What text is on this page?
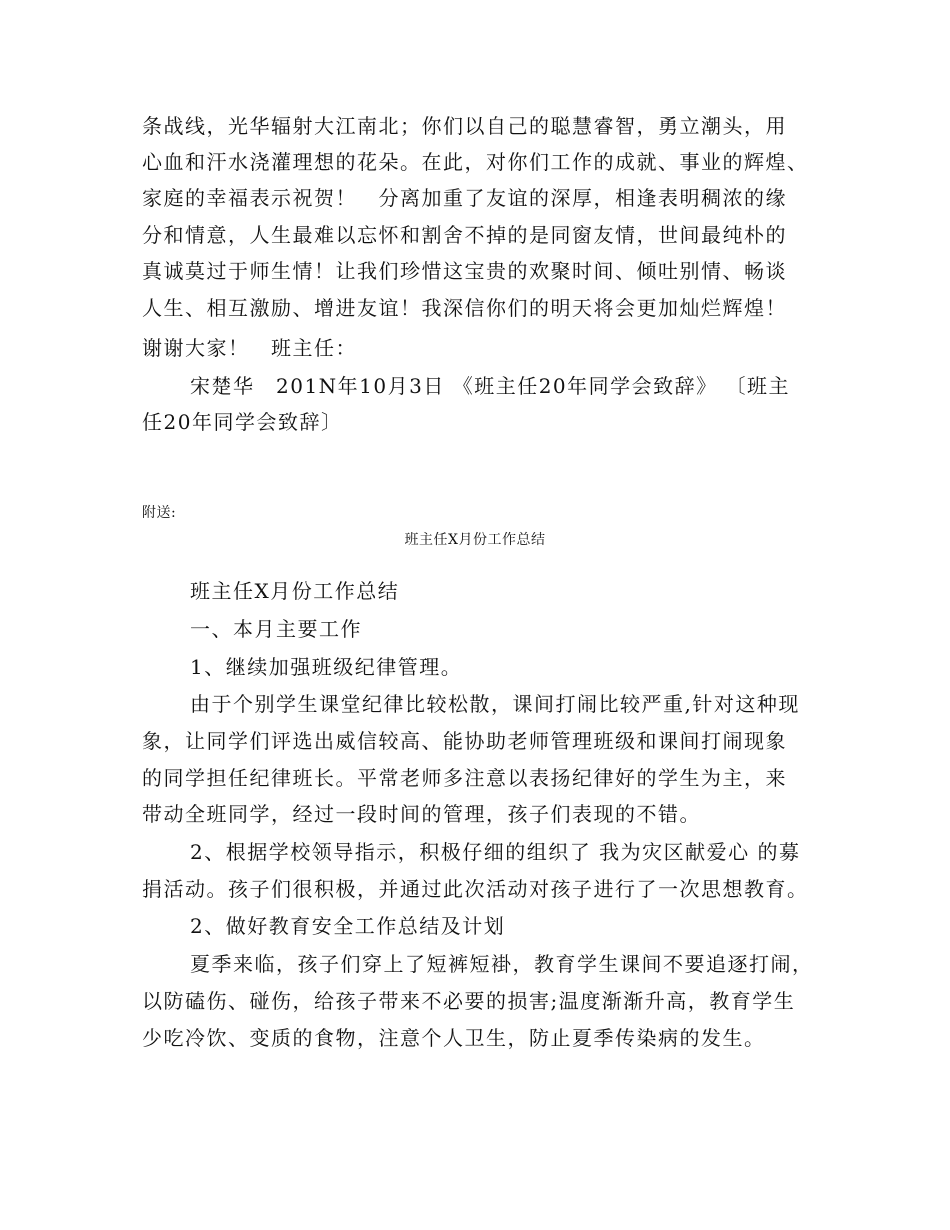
条战线，光华辐射大江南北；你们以自己的聪慧睿智，勇立潮头，用
心血和汗水浇灌理想的花朵。在此，对你们工作的成就、事业的辉煌、
家庭的幸福表示祝贺！　分离加重了友谊的深厚，相逢表明稠浓的缘
分和情意，人生最难以忘怀和割舍不掉的是同窗友情，世间最纯朴的
真诚莫过于师生情！让我们珍惜这宝贵的欢聚时间、倾吐别情、畅谈
人生、相互激励、增进友谊！我深信你们的明天将会更加灿烂辉煌！
谢谢大家！　班主任：
宋楚华　201N年10月3日 《班主任20年同学会致辞》 〔班主
任20年同学会致辞〕
附送:
班主任X月份工作总结
班主任X月份工作总结
一、本月主要工作
1、继续加强班级纪律管理。
由于个别学生课堂纪律比较松散，课间打闹比较严重,针对这种现
象，让同学们评选出威信较高、能协助老师管理班级和课间打闹现象
的同学担任纪律班长。平常老师多注意以表扬纪律好的学生为主，来
带动全班同学，经过一段时间的管理，孩子们表现的不错。
2、根据学校领导指示，积极仔细的组织了 我为灾区献爱心 的募
捐活动。孩子们很积极，并通过此次活动对孩子进行了一次思想教育。
2、做好教育安全工作总结及计划
夏季来临，孩子们穿上了短裤短褂，教育学生课间不要追逐打闹，
以防磕伤、碰伤，给孩子带来不必要的损害;温度渐渐升高，教育学生
少吃冷饮、变质的食物，注意个人卫生，防止夏季传染病的发生。
